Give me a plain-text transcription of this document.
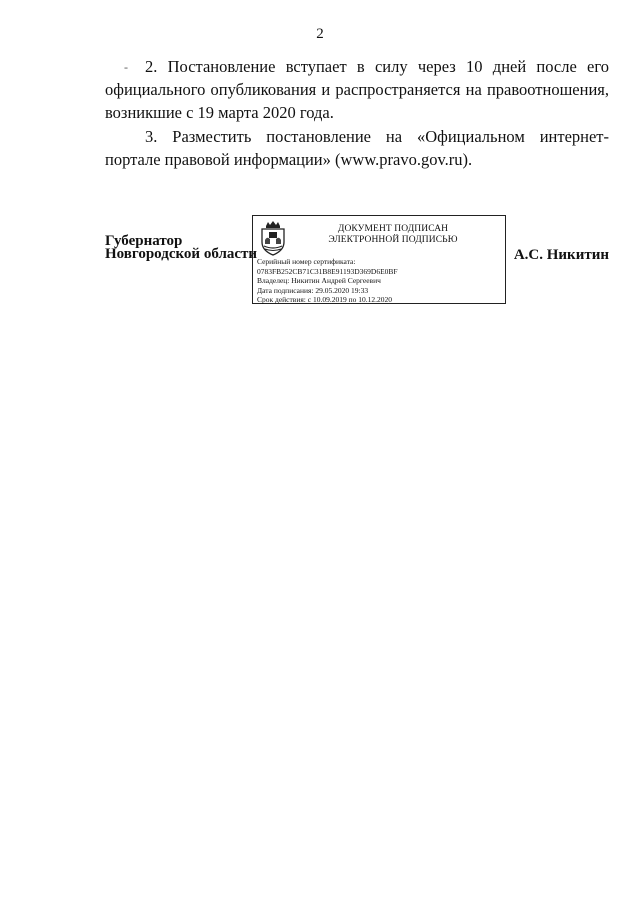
2
-	2. Постановление вступает в силу через 10 дней после его официального опубликования и распространяется на правоотношения, возникшие с 19 марта 2020 года.

3. Разместить постановление на «Официальном интернет-портале правовой информации» (www.pravo.gov.ru).

Губернатор
Новгородской области
ДОКУМЕНТ ПОДПИСАН
ЭЛЕКТРОННОЙ ПОДПИСЬЮ
Серийный номер сертификата:
0783FB252CB71C31B8E91193D369D6E0BF
Владелец: Никитин Андрей Сергеевич
Дата подписания: 29.05.2020 19:33
Срок действия: с 10.09.2019 по 10.12.2020
А.С. Никитин
